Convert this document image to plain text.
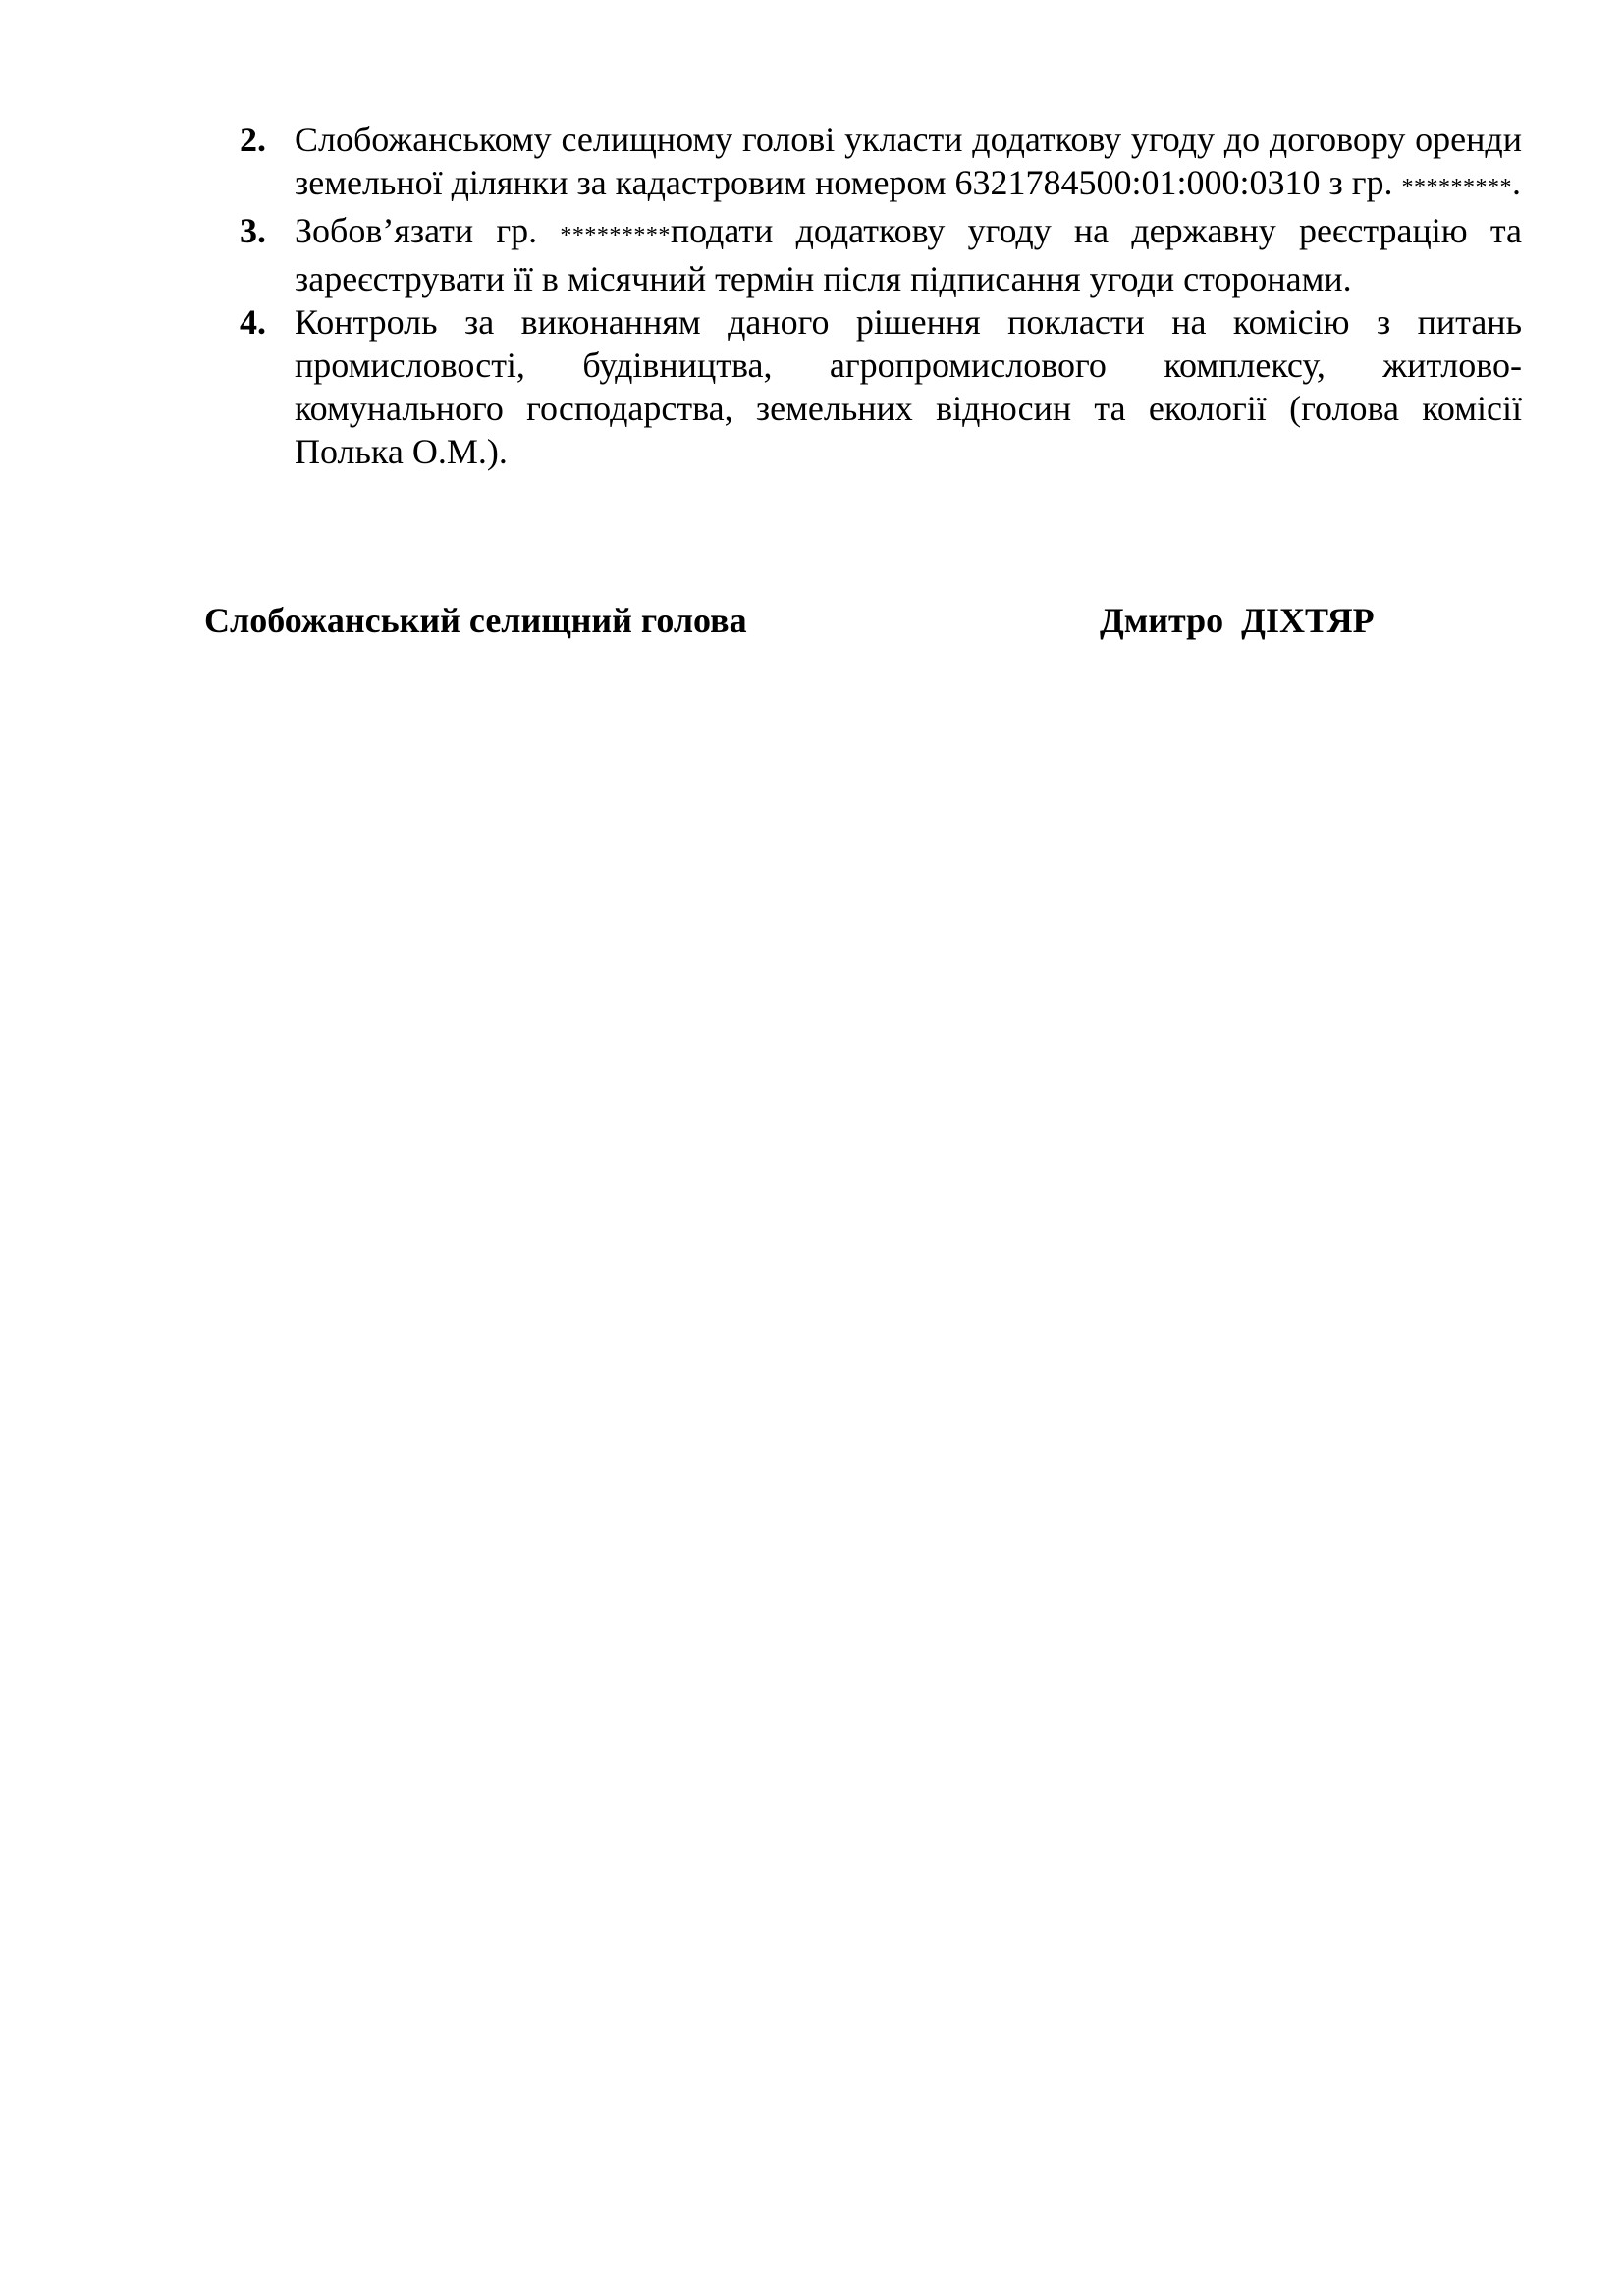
2. Слобожанському селищному голові укласти додаткову угоду до договору оренди земельної ділянки за кадастровим номером 6321784500:01:000:0310 з гр. *********.
3. Зобов’язати гр. *********подати додаткову угоду на державну реєстрацію та зареєструвати її в місячний термін після підписання угоди сторонами.
4. Контроль за виконанням даного рішення покласти на комісію з питань промисловості, будівництва, агропромислового комплексу, житлово-комунального господарства, земельних відносин та екології (голова комісії Полька О.М.).
Слобожанський селищний голова	Дмитро  ДІХТЯР
